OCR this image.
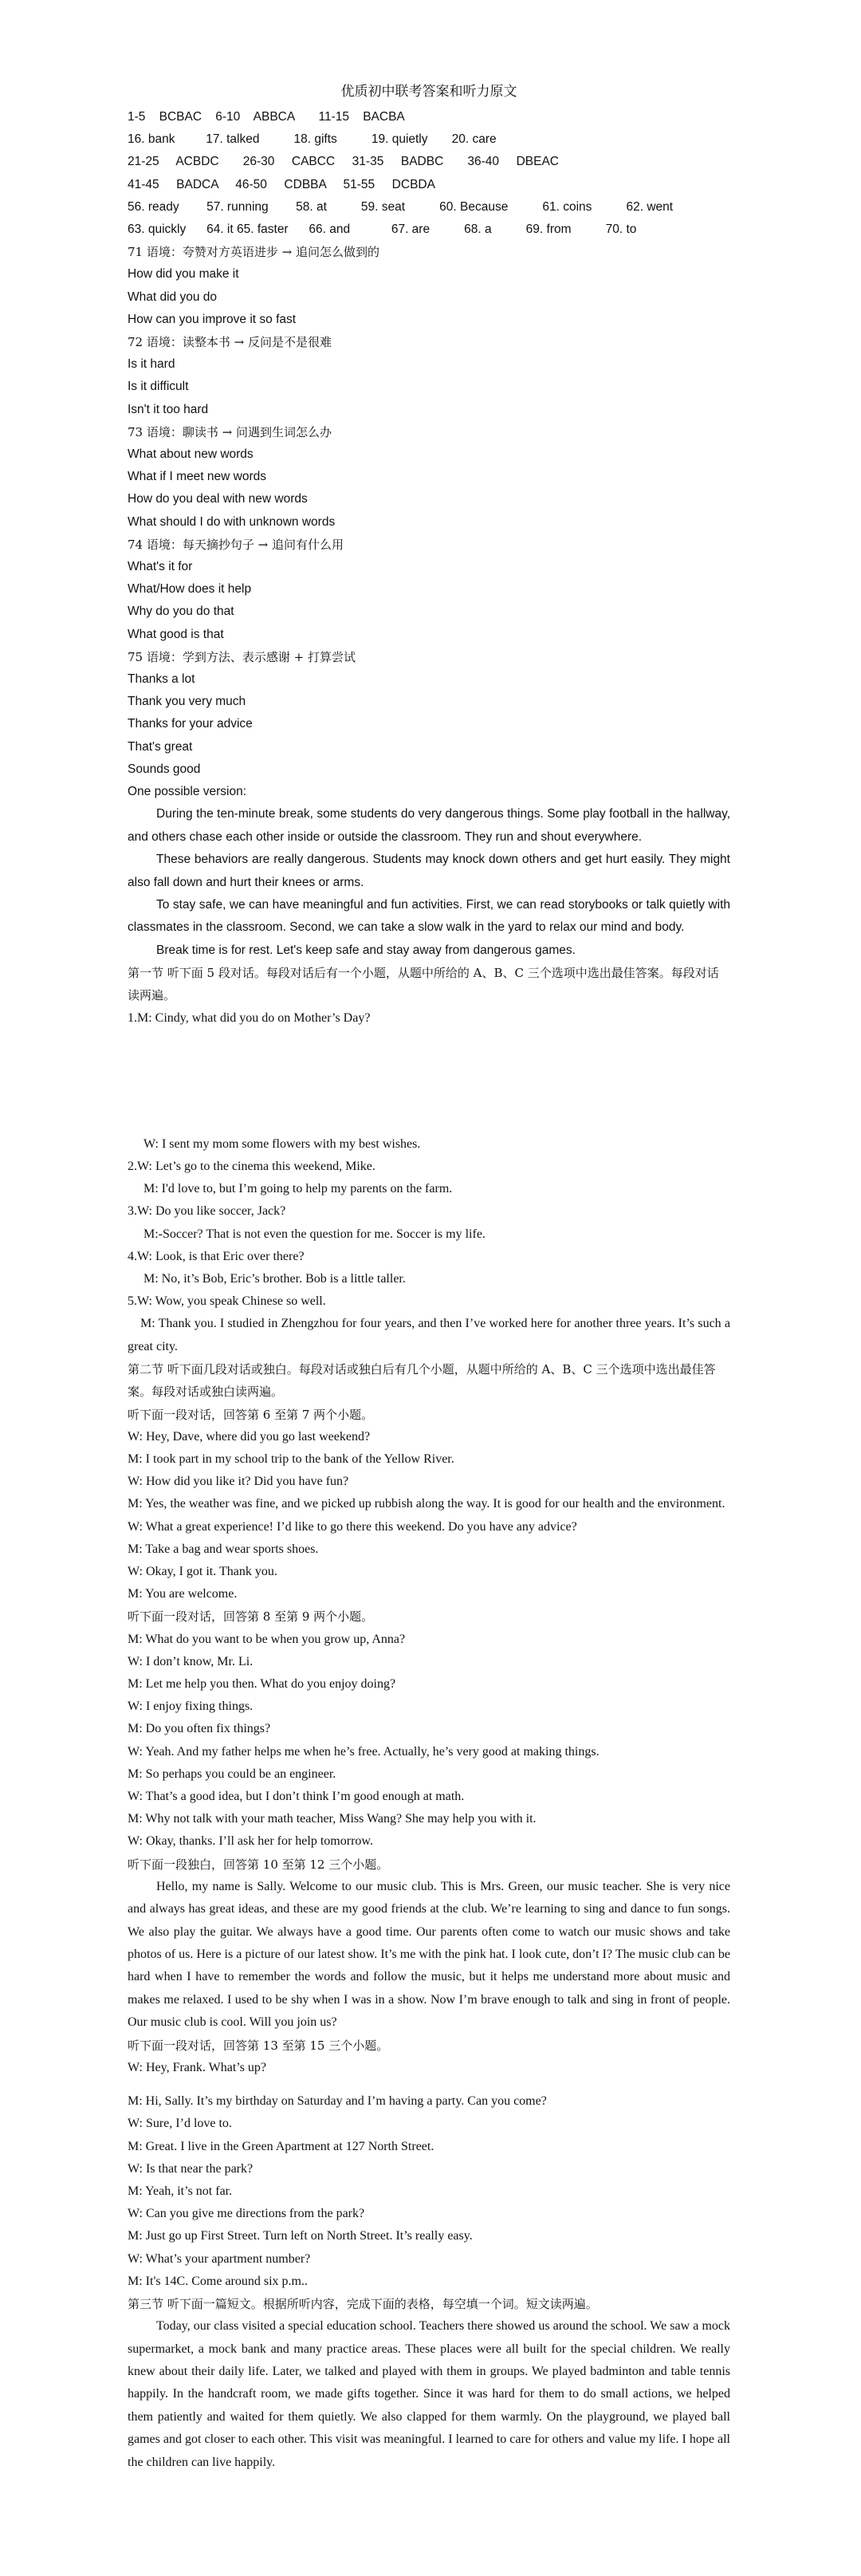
优质初中联考答案和听力原文
1-5    BCBAC    6-10    ABBCA       11-15    BACBA
16. bank         17. talked          18. gifts          19. quietly       20. care
21-25     ACBDC       26-30     CABCC     31-35     BADBC       36-40     DBEAC
41-45     BADCA     46-50     CDBBA     51-55     DCBDA
56. ready        57. running        58. at          59. seat          60. Because          61. coins          62. went
63. quickly      64. it 65. faster      66. and            67. are          68. a          69. from          70. to
71 语境：夸赞对方英语进步 → 追问怎么做到的
How did you make it
What did you do
How can you improve it so fast
72 语境：读整本书 → 反问是不是很难
Is it hard
Is it difficult
Isn't it too hard
73 语境：聊读书 → 问遇到生词怎么办
What about new words
What if I meet new words
How do you deal with new words
What should I do with unknown words
74 语境：每天摘抄句子 → 追问有什么用
What's it for
What/How does it help
Why do you do that
What good is that
75 语境：学到方法、表示感谢 + 打算尝试
Thanks a lot
Thank you very much
Thanks for your advice
That's great
Sounds good
One possible version:
During the ten-minute break, some students do very dangerous things. Some play football in the hallway, and others chase each other inside or outside the classroom. They run and shout everywhere.
These behaviors are really dangerous. Students may knock down others and get hurt easily. They might also fall down and hurt their knees or arms.
To stay safe, we can have meaningful and fun activities. First, we can read storybooks or talk quietly with classmates in the classroom. Second, we can take a slow walk in the yard to relax our mind and body.
Break time is for rest. Let's keep safe and stay away from dangerous games.
第一节 听下面 5 段对话。每段对话后有一个小题，从题中所给的 A、B、C 三个选项中选出最佳答案。每段对话读两遍。
1.M: Cindy, what did you do on Mother’s Day?
W: I sent my mom some flowers with my best wishes.
2.W: Let’s go to the cinema this weekend, Mike.
M: I'd love to, but I’m going to help my parents on the farm.
3.W: Do you like soccer, Jack?
M:-Soccer? That is not even the question for me. Soccer is my life.
4.W: Look, is that Eric over there?
M: No, it’s Bob, Eric’s brother. Bob is a little taller.
5.W: Wow, you speak Chinese so well.
M: Thank you. I studied in Zhengzhou for four years, and then I’ve worked here for another three years. It’s such a great city.
第二节 听下面几段对话或独白。每段对话或独白后有几个小题，从题中所给的 A、B、C 三个选项中选出最佳答案。每段对话或独白读两遍。
听下面一段对话，回答第 6 至第 7 两个小题。
W: Hey, Dave, where did you go last weekend?
M: I took part in my school trip to the bank of the Yellow River.
W: How did you like it? Did you have fun?
M: Yes, the weather was fine, and we picked up rubbish along the way. It is good for our health and the environment.
W: What a great experience! I’d like to go there this weekend. Do you have any advice?
M: Take a bag and wear sports shoes.
W: Okay, I got it. Thank you.
M: You are welcome.
听下面一段对话，回答第 8 至第 9 两个小题。
M: What do you want to be when you grow up, Anna?
W: I don’t know, Mr. Li.
M: Let me help you then. What do you enjoy doing?
W: I enjoy fixing things.
M: Do you often fix things?
W: Yeah. And my father helps me when he’s free. Actually, he’s very good at making things.
M: So perhaps you could be an engineer.
W: That’s a good idea, but I don’t think I’m good enough at math.
M: Why not talk with your math teacher, Miss Wang? She may help you with it.
W: Okay, thanks. I’ll ask her for help tomorrow.
听下面一段独白，回答第 10 至第 12 三个小题。
Hello, my name is Sally. Welcome to our music club. This is Mrs. Green, our music teacher. She is very nice and always has great ideas, and these are my good friends at the club. We’re learning to sing and dance to fun songs. We also play the guitar. We always have a good time. Our parents often come to watch our music shows and take photos of us. Here is a picture of our latest show. It’s me with the pink hat. I look cute, don’t I? The music club can be hard when I have to remember the words and follow the music, but it helps me understand more about music and makes me relaxed. I used to be shy when I was in a show. Now I’m brave enough to talk and sing in front of people. Our music club is cool. Will you join us?
听下面一段对话，回答第 13 至第 15 三个小题。
W: Hey, Frank. What’s up?
M: Hi, Sally. It’s my birthday on Saturday and I’m having a party. Can you come?
W: Sure, I’d love to.
M: Great. I live in the Green Apartment at 127 North Street.
W: Is that near the park?
M: Yeah, it’s not far.
W: Can you give me directions from the park?
M: Just go up First Street. Turn left on North Street. It’s really easy.
W: What’s your apartment number?
M: It's 14C. Come around six p.m..
第三节 听下面一篇短文。根据所听内容，完成下面的表格，每空填一个词。短文读两遍。
Today, our class visited a special education school. Teachers there showed us around the school. We saw a mock supermarket, a mock bank and many practice areas. These places were all built for the special children. We really knew about their daily life. Later, we talked and played with them in groups. We played badminton and table tennis happily. In the handcraft room, we made gifts together. Since it was hard for them to do small actions, we helped them patiently and waited for them quietly. We also clapped for them warmly. On the playground, we played ball games and got closer to each other. This visit was meaningful. I learned to care for others and value my life. I hope all the children can live happily.
